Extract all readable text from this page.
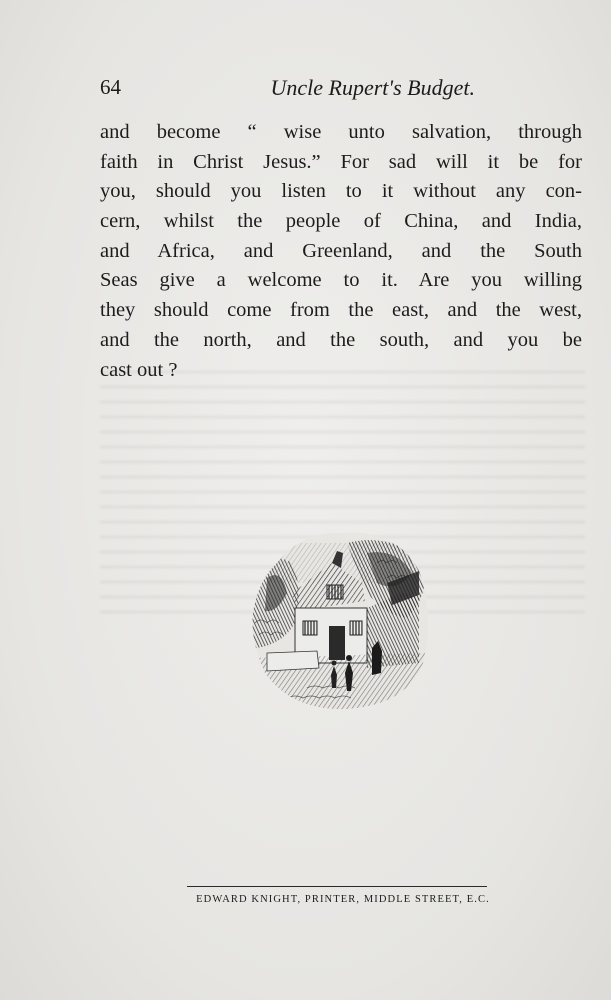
64	Uncle Rupert's Budget.
and become “ wise unto salvation, through
faith in Christ Jesus.” For sad will it be for
you, should you listen to it without any con-
cern, whilst the people of China, and India,
and Africa, and Greenland, and the South
Seas give a welcome to it. Are you willing
they should come from the east, and the west,
and the north, and the south, and you be
cast out ?
EDWARD KNIGHT, PRINTER, MIDDLE STREET, E.C.
